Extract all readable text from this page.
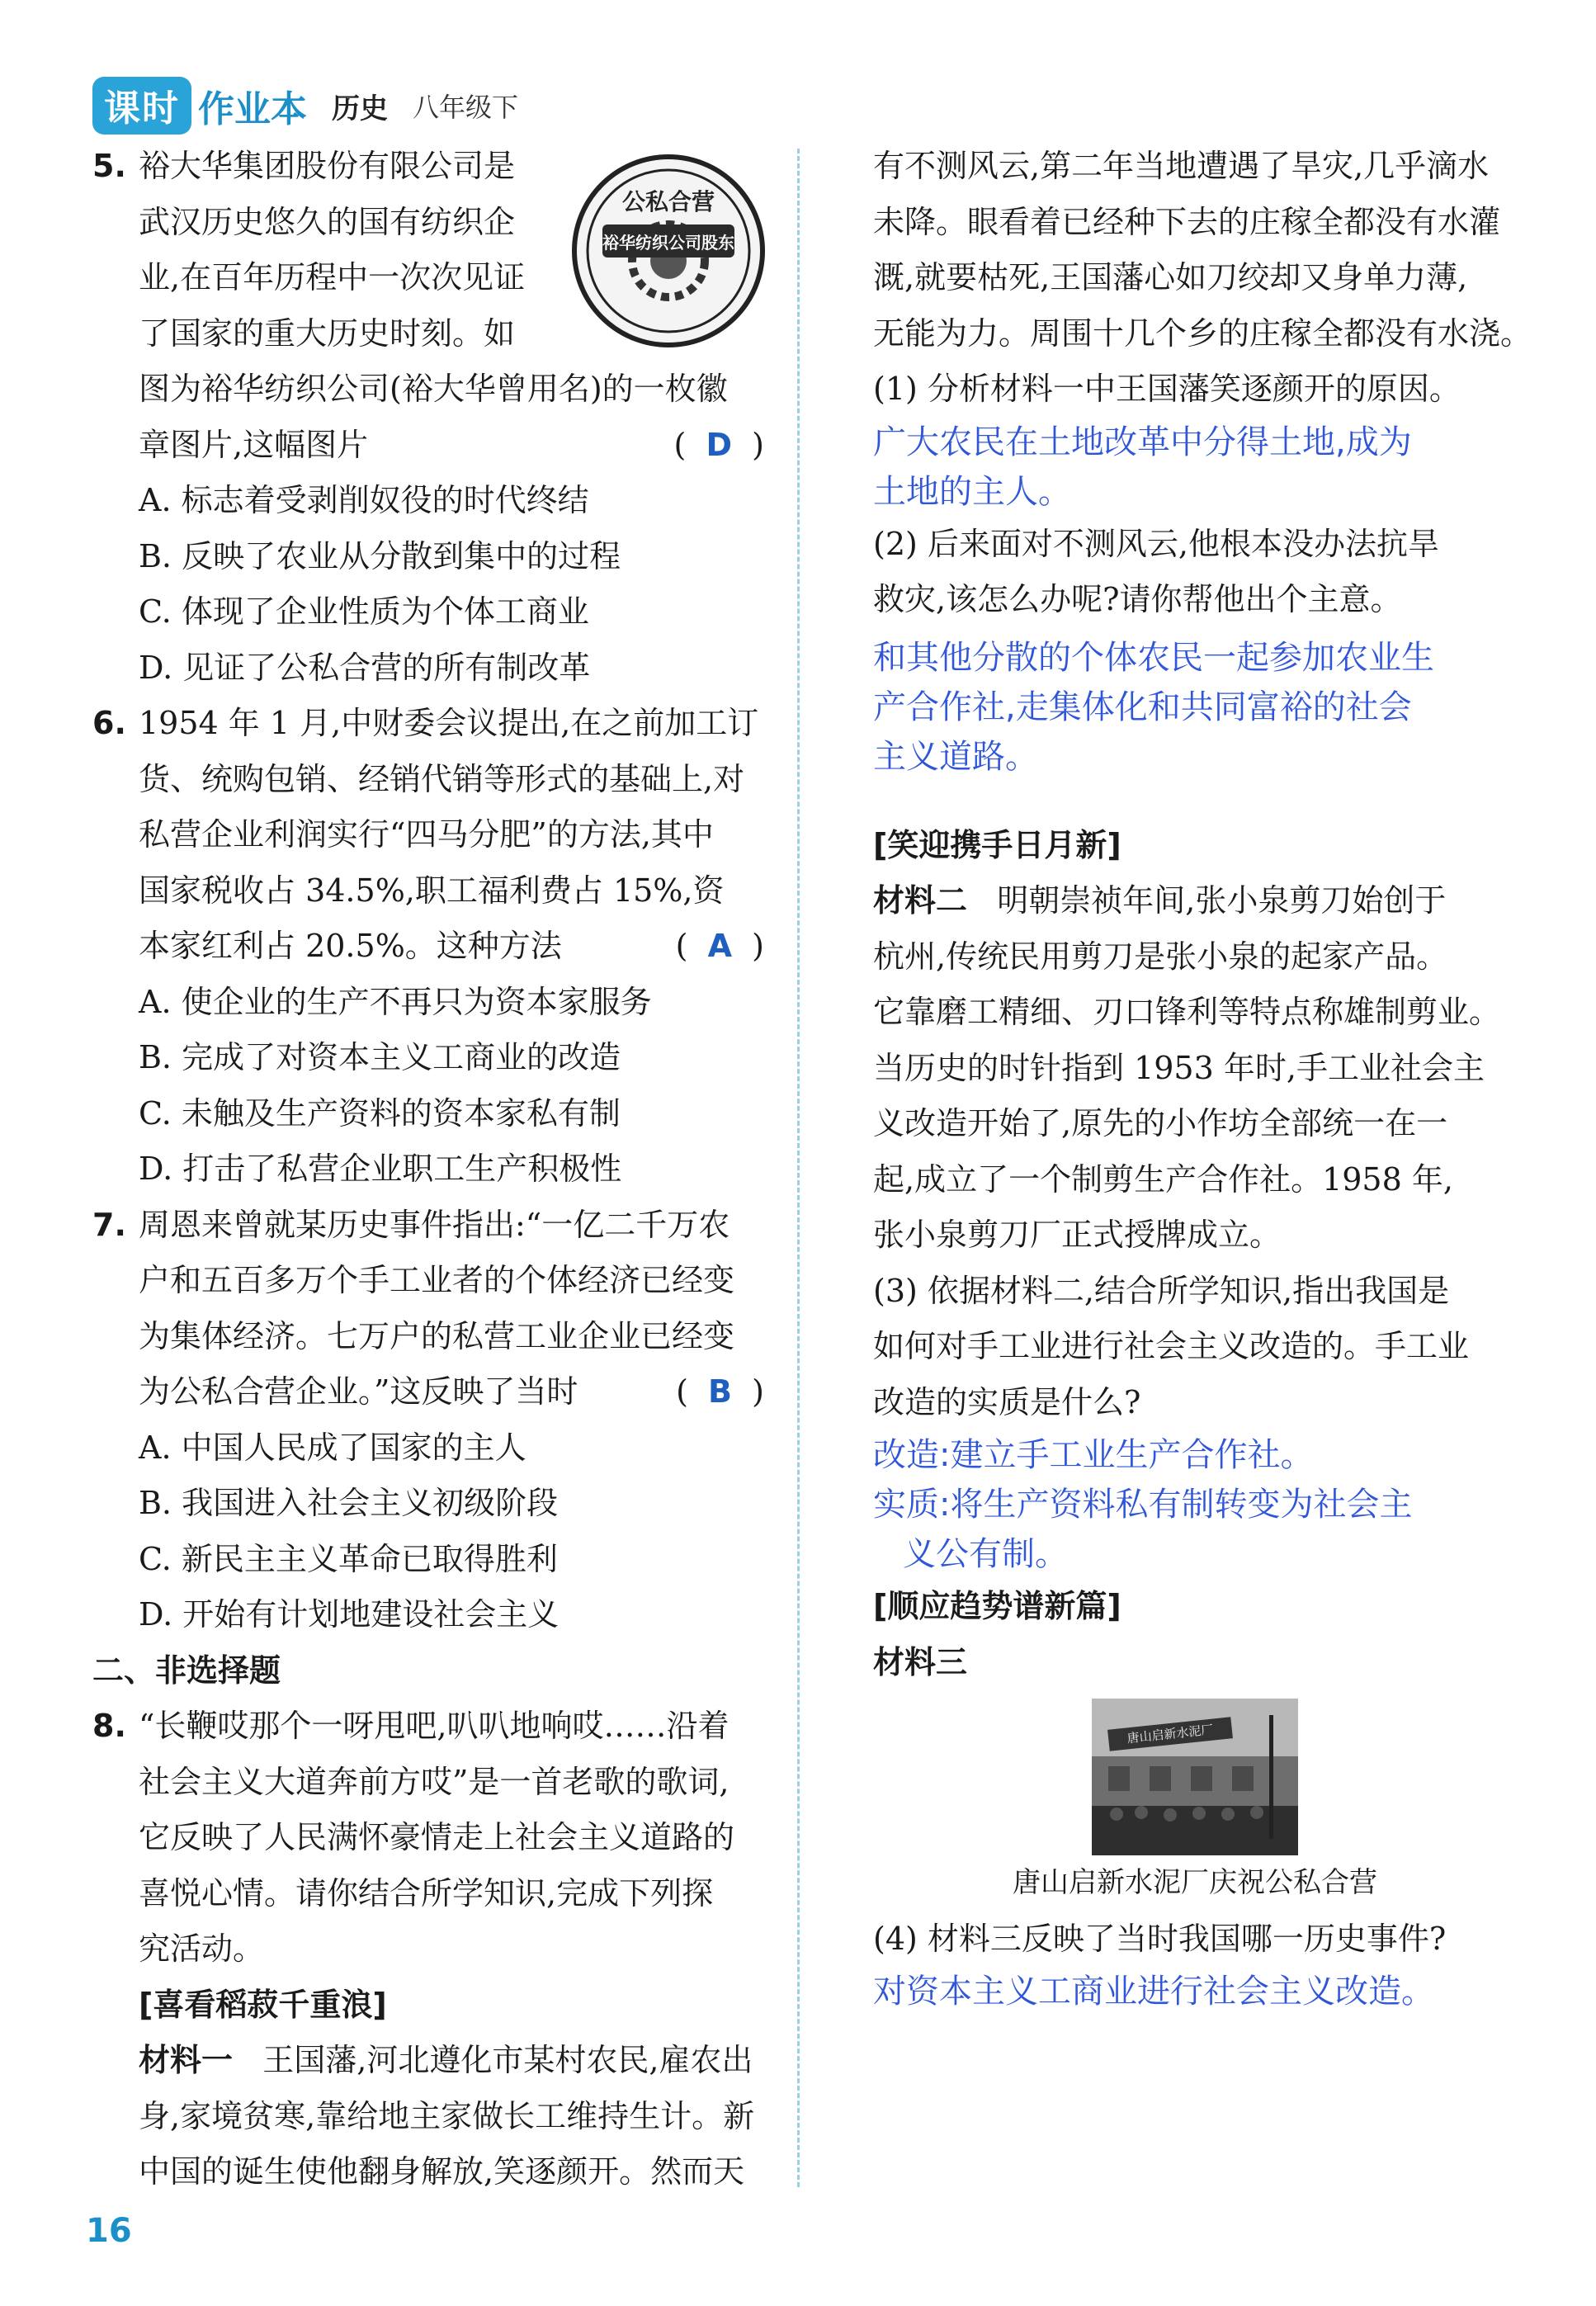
课时 作业本 历史 八年级下
公私合营
裕华纺织公司股东
5. 裕大华集团股份有限公司是
武汉历史悠久的国有纺织企
业,在百年历程中一次次见证
了国家的重大历史时刻。如
图为裕华纺织公司(裕大华曾用名)的一枚徽
章图片,这幅图片	(  D  )
A. 标志着受剥削奴役的时代终结
B. 反映了农业从分散到集中的过程
C. 体现了企业性质为个体工商业
D. 见证了公私合营的所有制改革
6. 1954 年 1 月,中财委会议提出,在之前加工订
货、统购包销、经销代销等形式的基础上,对
私营企业利润实行“四马分肥”的方法,其中
国家税收占 34.5%,职工福利费占 15%,资
本家红利占 20.5%。这种方法	(  A  )
A. 使企业的生产不再只为资本家服务
B. 完成了对资本主义工商业的改造
C. 未触及生产资料的资本家私有制
D. 打击了私营企业职工生产积极性
7. 周恩来曾就某历史事件指出:“一亿二千万农
户和五百多万个手工业者的个体经济已经变
为集体经济。七万户的私营工业企业已经变
为公私合营企业。”这反映了当时	(  B  )
A. 中国人民成了国家的主人
B. 我国进入社会主义初级阶段
C. 新民主主义革命已取得胜利
D. 开始有计划地建设社会主义
二、非选择题
8. “长鞭哎那个一呀甩吧,叭叭地响哎……沿着
社会主义大道奔前方哎”是一首老歌的歌词,
它反映了人民满怀豪情走上社会主义道路的
喜悦心情。请你结合所学知识,完成下列探
究活动。
[喜看稻菽千重浪]
材料一 王国藩,河北遵化市某村农民,雇农出
身,家境贫寒,靠给地主家做长工维持生计。新
中国的诞生使他翻身解放,笑逐颜开。然而天
有不测风云,第二年当地遭遇了旱灾,几乎滴水
未降。眼看着已经种下去的庄稼全都没有水灌
溉,就要枯死,王国藩心如刀绞却又身单力薄,
无能为力。周围十几个乡的庄稼全都没有水浇。
(1) 分析材料一中王国藩笑逐颜开的原因。
广大农民在土地改革中分得土地,成为
土地的主人。
(2) 后来面对不测风云,他根本没办法抗旱
救灾,该怎么办呢?请你帮他出个主意。
和其他分散的个体农民一起参加农业生
产合作社,走集体化和共同富裕的社会
主义道路。
[笑迎携手日月新]
材料二 明朝崇祯年间,张小泉剪刀始创于
杭州,传统民用剪刀是张小泉的起家产品。
它靠磨工精细、刃口锋利等特点称雄制剪业。
当历史的时针指到 1953 年时,手工业社会主
义改造开始了,原先的小作坊全部统一在一
起,成立了一个制剪生产合作社。1958 年,
张小泉剪刀厂正式授牌成立。
(3) 依据材料二,结合所学知识,指出我国是
如何对手工业进行社会主义改造的。手工业
改造的实质是什么?
改造:建立手工业生产合作社。
实质:将生产资料私有制转变为社会主
义公有制。
[顺应趋势谱新篇]
材料三
唐山启新水泥厂
唐山启新水泥厂庆祝公私合营
(4) 材料三反映了当时我国哪一历史事件?
对资本主义工商业进行社会主义改造。
16
